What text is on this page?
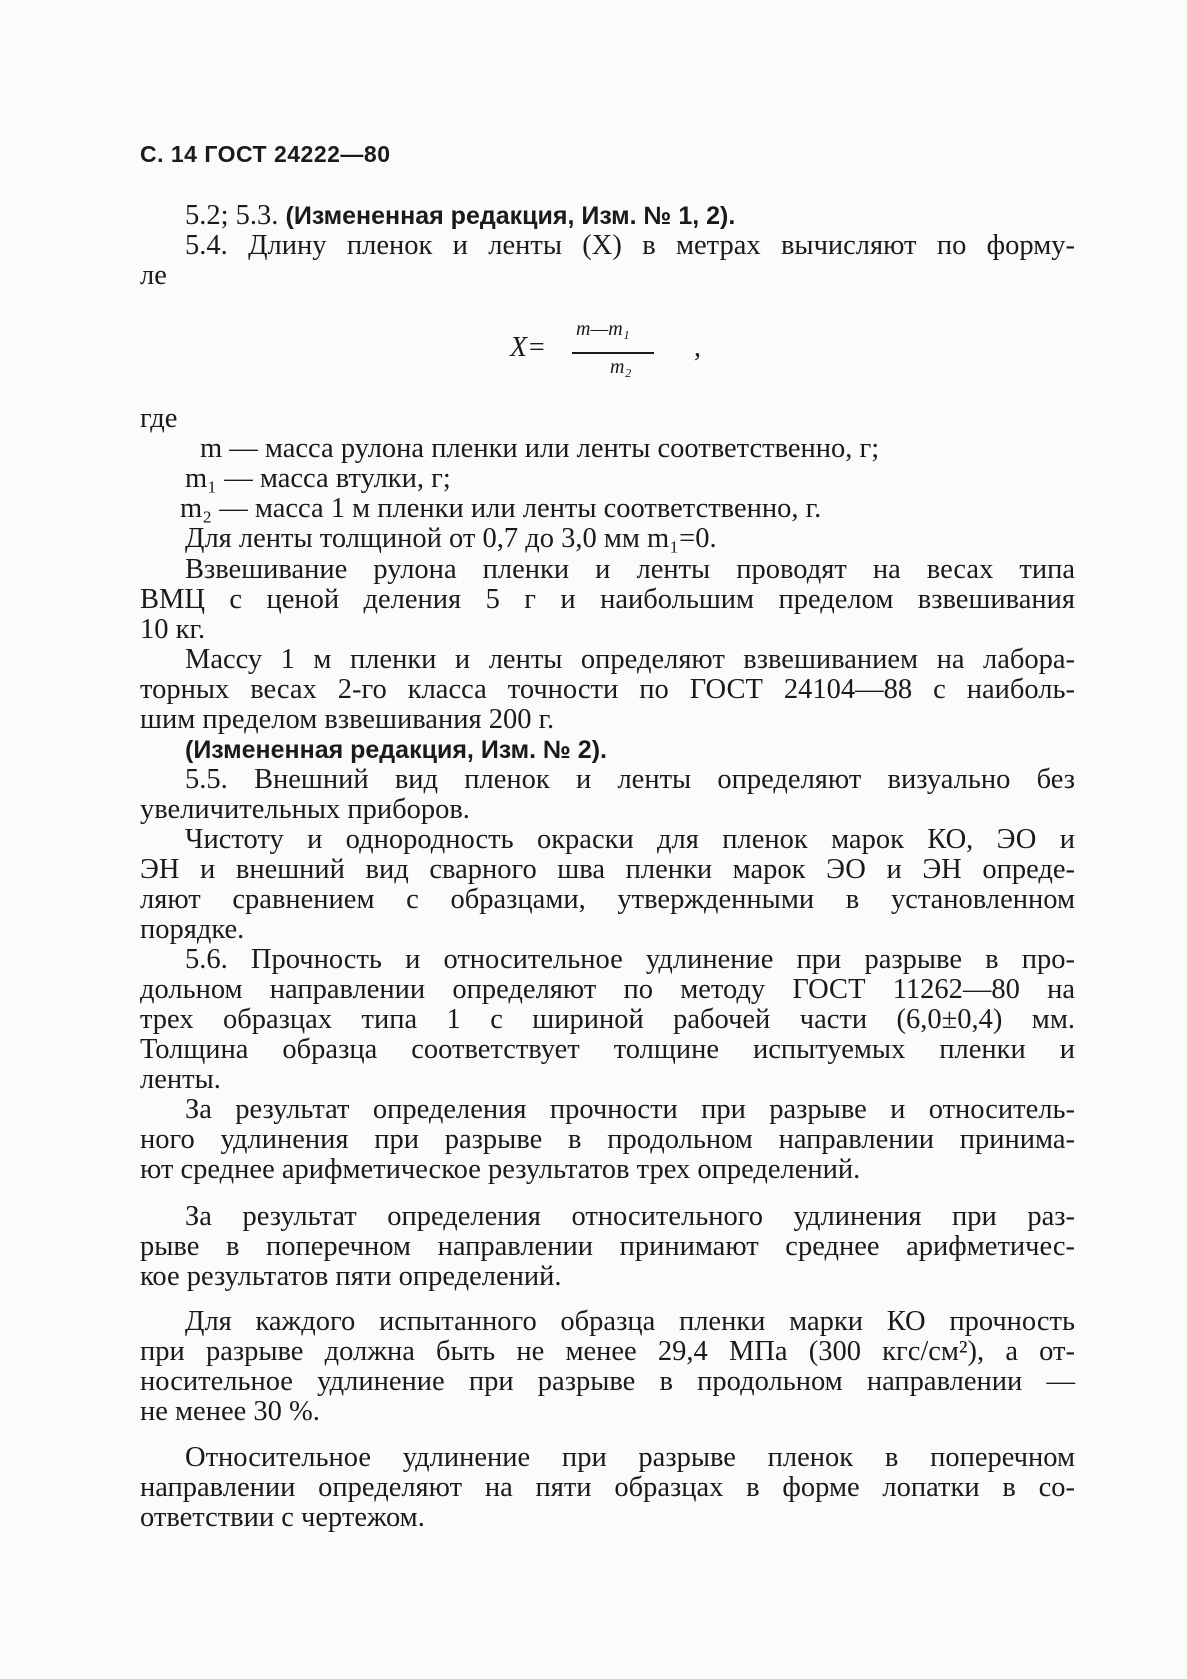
С. 14 ГОСТ 24222—80
X=
m—m₁
m₂
,
5.2; 5.3. (Измененная редакция, Изм. № 1, 2).
5.4. Длину пленок и ленты (X) в метрах вычисляют по форму-
ле
где
m — масса рулона пленки или ленты соответственно, г;
m₁ — масса втулки, г;
m₂ — масса 1 м пленки или ленты соответственно, г.
Для ленты толщиной от 0,7 до 3,0 мм m₁=0.
Взвешивание рулона пленки и ленты проводят на весах типа
ВМЦ с ценой деления 5 г и наибольшим пределом взвешивания
10 кг.
Массу 1 м пленки и ленты определяют взвешиванием на лабора-
торных весах 2-го класса точности по ГОСТ 24104—88 с наиболь-
шим пределом взвешивания 200 г.
(Измененная редакция, Изм. № 2).
5.5. Внешний вид пленок и ленты определяют визуально без
увеличительных приборов.
Чистоту и однородность окраски для пленок марок КО, ЭО и
ЭН и внешний вид сварного шва пленки марок ЭО и ЭН опреде-
ляют сравнением с образцами, утвержденными в установленном
порядке.
5.6. Прочность и относительное удлинение при разрыве в про-
дольном направлении определяют по методу ГОСТ 11262—80 на
трех образцах типа 1 с шириной рабочей части (6,0±0,4) мм.
Толщина образца соответствует толщине испытуемых пленки и
ленты.
За результат определения прочности при разрыве и относитель-
ного удлинения при разрыве в продольном направлении принима-
ют среднее арифметическое результатов трех определений.
За результат определения относительного удлинения при раз-
рыве в поперечном направлении принимают среднее арифметичес-
кое результатов пяти определений.
Для каждого испытанного образца пленки марки КО прочность
при разрыве должна быть не менее 29,4 МПа (300 кгс/см²), а от-
носительное удлинение при разрыве в продольном направлении —
не менее 30 %.
Относительное удлинение при разрыве пленок в поперечном
направлении определяют на пяти образцах в форме лопатки в со-
ответствии с чертежом.
